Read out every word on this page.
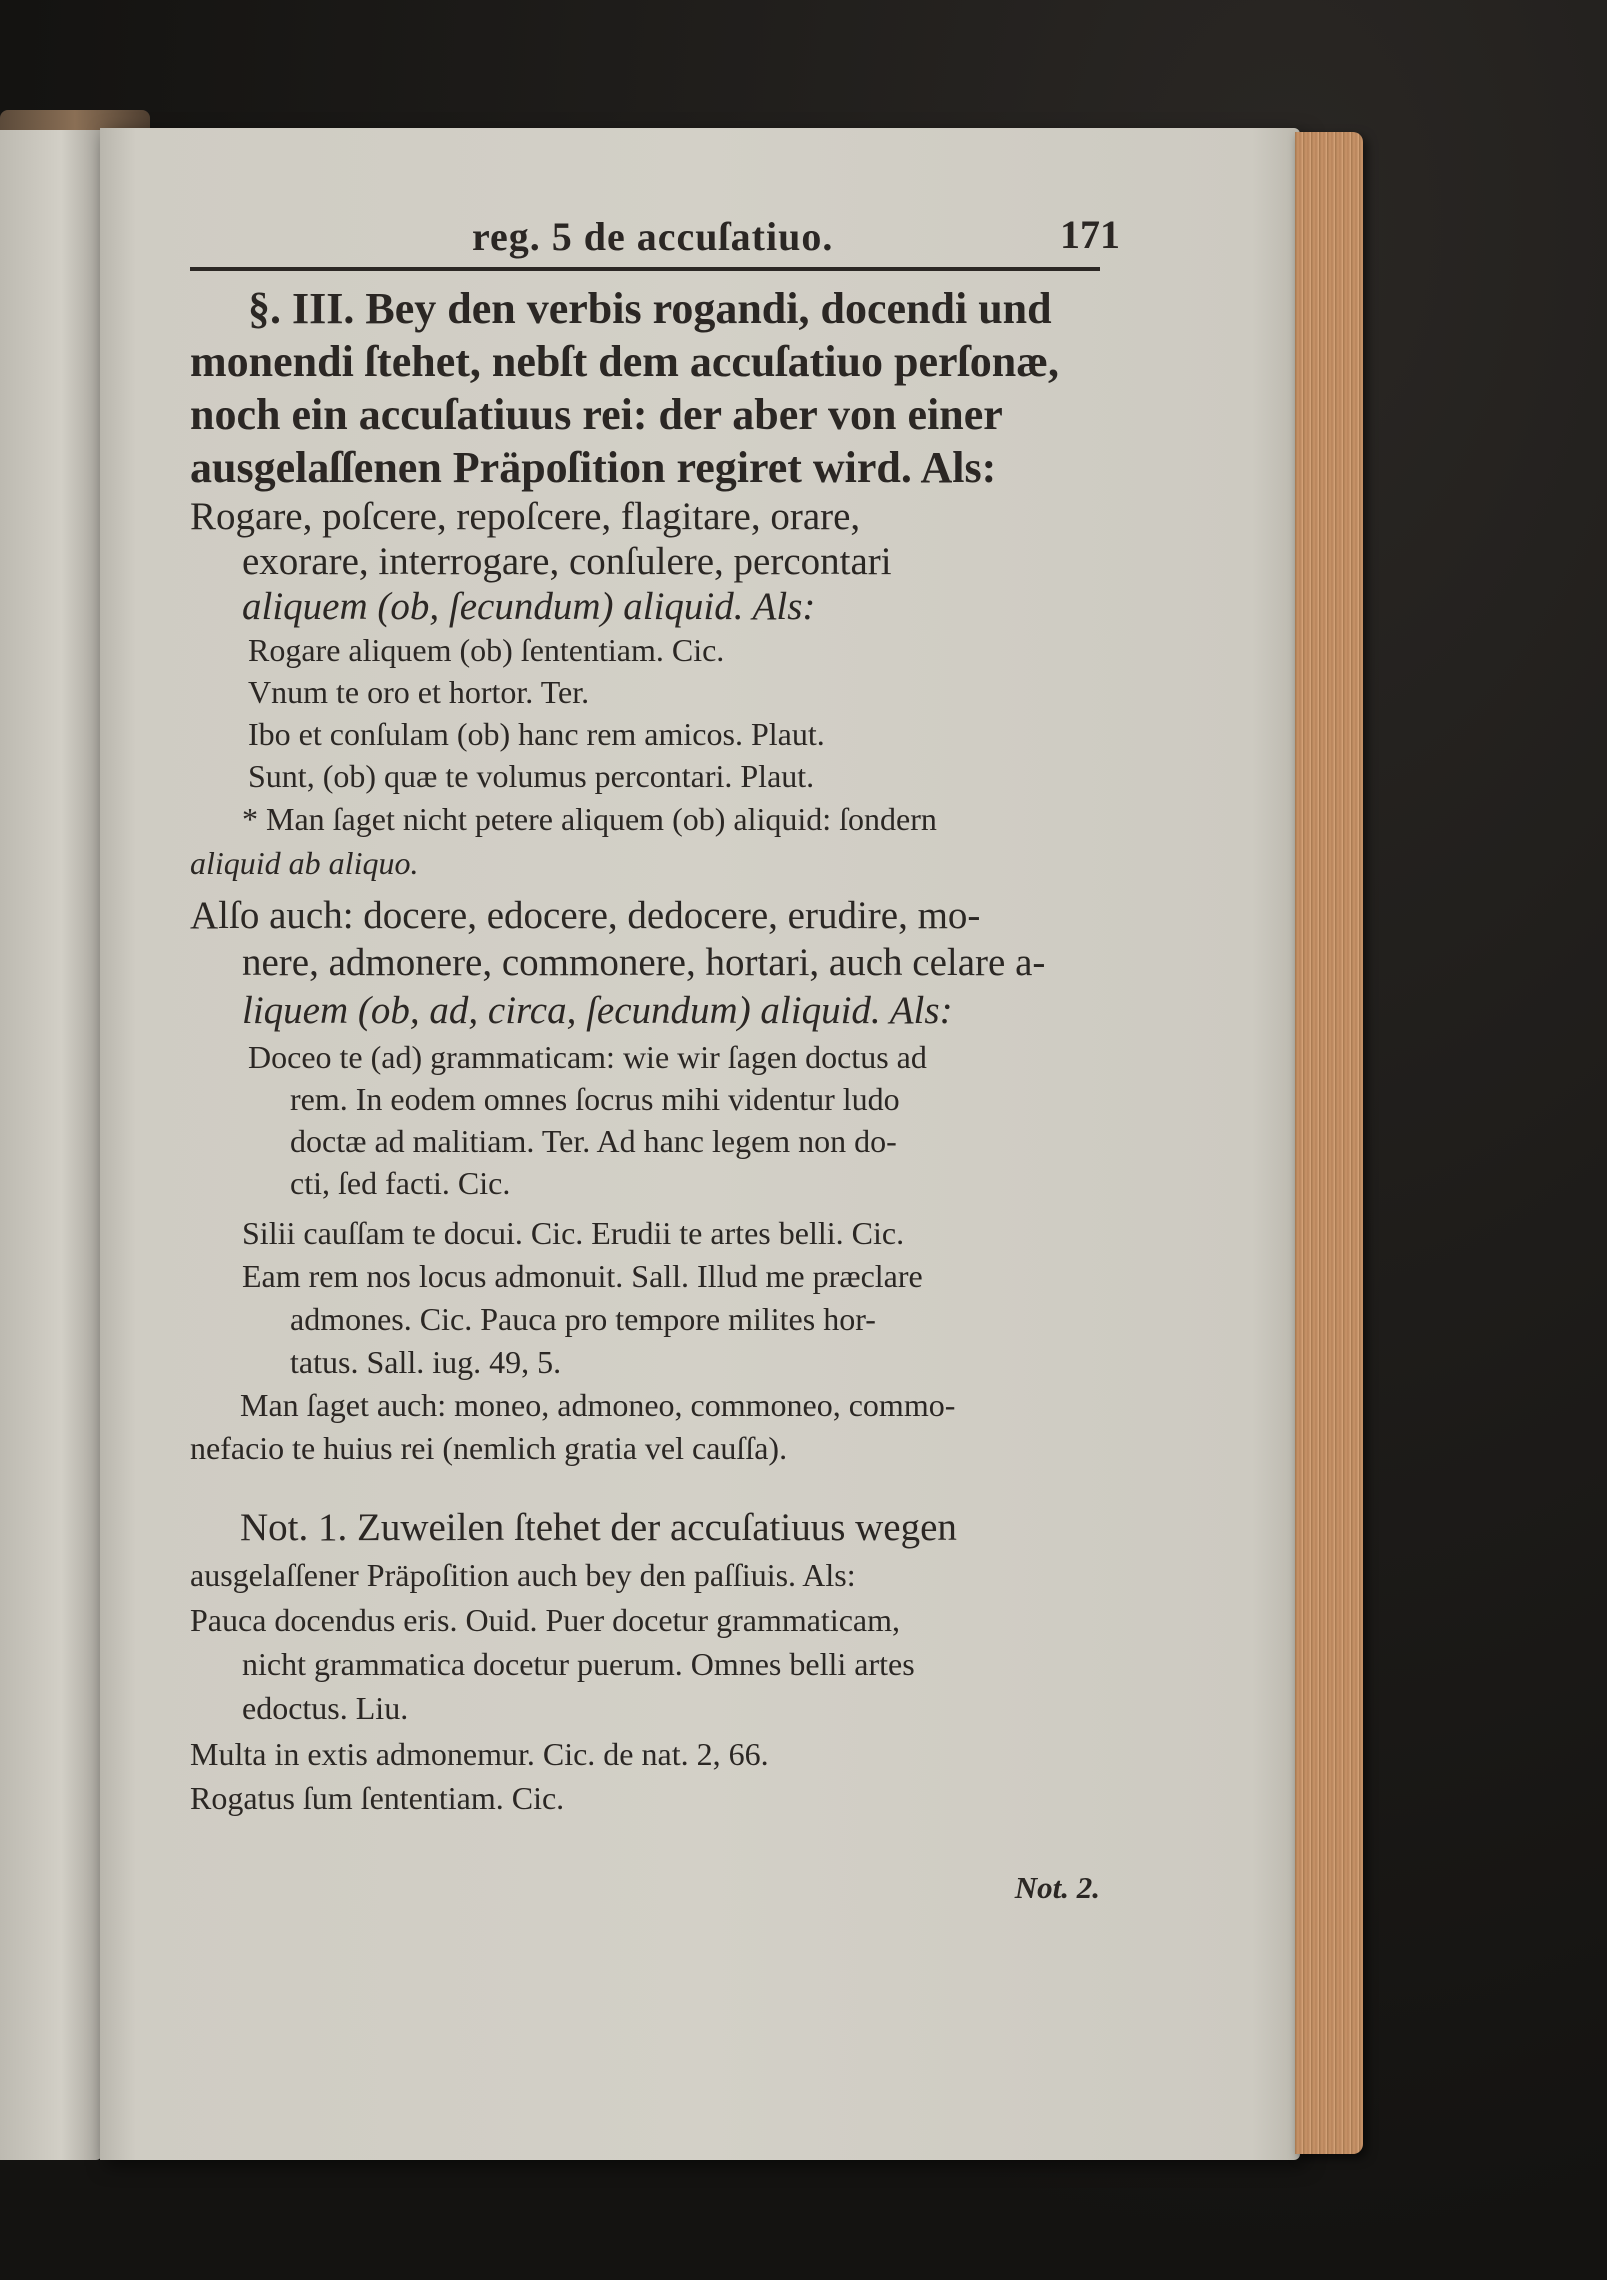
reg. 5 de accuſatiuo.	171
§. III. Bey den verbis rogandi, docendi und
monendi ſtehet, nebſt dem accuſatiuo perſonæ,
noch ein accuſatiuus rei: der aber von einer
ausgelaſſenen Präpoſition regiret wird. Als:
Rogare, poſcere, repoſcere, flagitare, orare,
exorare, interrogare, conſulere, percontari
aliquem (ob, ſecundum) aliquid. Als:
Rogare aliquem (ob) ſententiam. Cic.
Vnum te oro et hortor. Ter.
Ibo et conſulam (ob) hanc rem amicos. Plaut.
Sunt, (ob) quæ te volumus percontari. Plaut.
* Man ſaget nicht petere aliquem (ob) aliquid: ſondern
aliquid ab aliquo.
Alſo auch: docere, edocere, dedocere, erudire, mo-
nere, admonere, commonere, hortari, auch celare a-
liquem (ob, ad, circa, ſecundum) aliquid. Als:
Doceo te (ad) grammaticam: wie wir ſagen doctus ad
rem. In eodem omnes ſocrus mihi videntur ludo
doctæ ad malitiam. Ter. Ad hanc legem non do-
cti, ſed facti. Cic.
Silii cauſſam te docui. Cic. Erudii te artes belli. Cic.
Eam rem nos locus admonuit. Sall. Illud me præclare
admones. Cic. Pauca pro tempore milites hor-
tatus. Sall. iug. 49, 5.
Man ſaget auch: moneo, admoneo, commoneo, commo-
nefacio te huius rei (nemlich gratia vel cauſſa).
Not. 1. Zuweilen ſtehet der accuſatiuus wegen
ausgelaſſener Präpoſition auch bey den paſſiuis. Als:
Pauca docendus eris. Ouid. Puer docetur grammaticam,
nicht grammatica docetur puerum. Omnes belli artes
edoctus. Liu.
Multa in extis admonemur. Cic. de nat. 2, 66.
Rogatus ſum ſententiam. Cic.
Not. 2.
